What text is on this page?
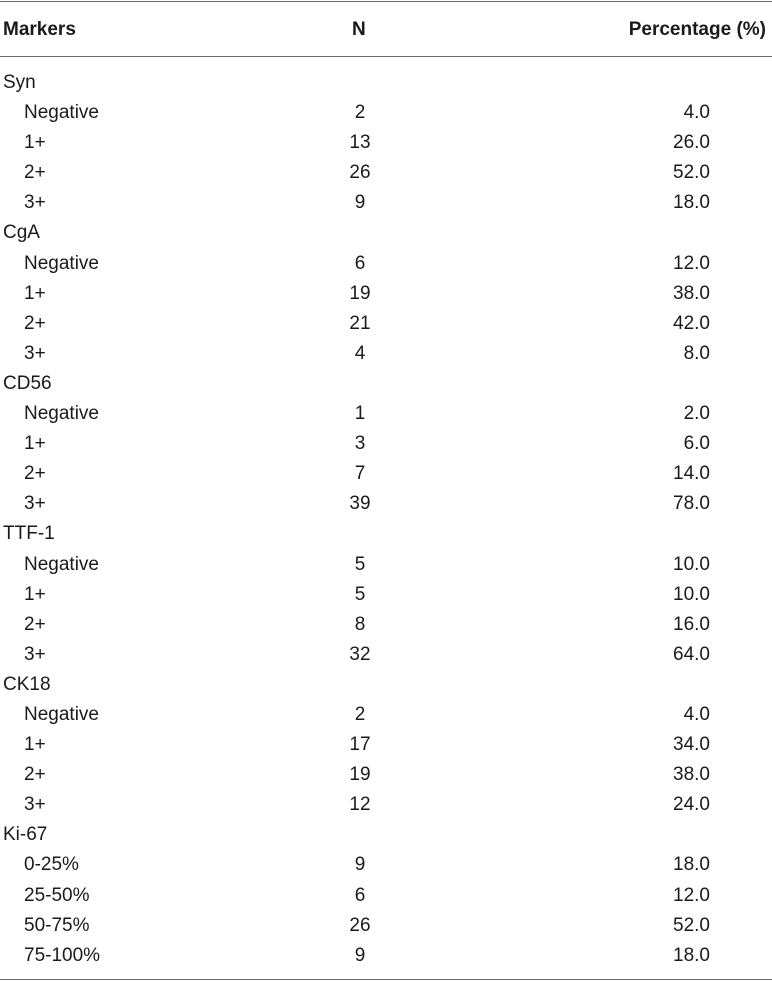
Markers	N	Percentage (%)
Syn
Negative	2	4.0
1+	13	26.0
2+	26	52.0
3+	9	18.0
CgA
Negative	6	12.0
1+	19	38.0
2+	21	42.0
3+	4	8.0
CD56
Negative	1	2.0
1+	3	6.0
2+	7	14.0
3+	39	78.0
TTF-1
Negative	5	10.0
1+	5	10.0
2+	8	16.0
3+	32	64.0
CK18
Negative	2	4.0
1+	17	34.0
2+	19	38.0
3+	12	24.0
Ki-67
0-25%	9	18.0
25-50%	6	12.0
50-75%	26	52.0
75-100%	9	18.0
